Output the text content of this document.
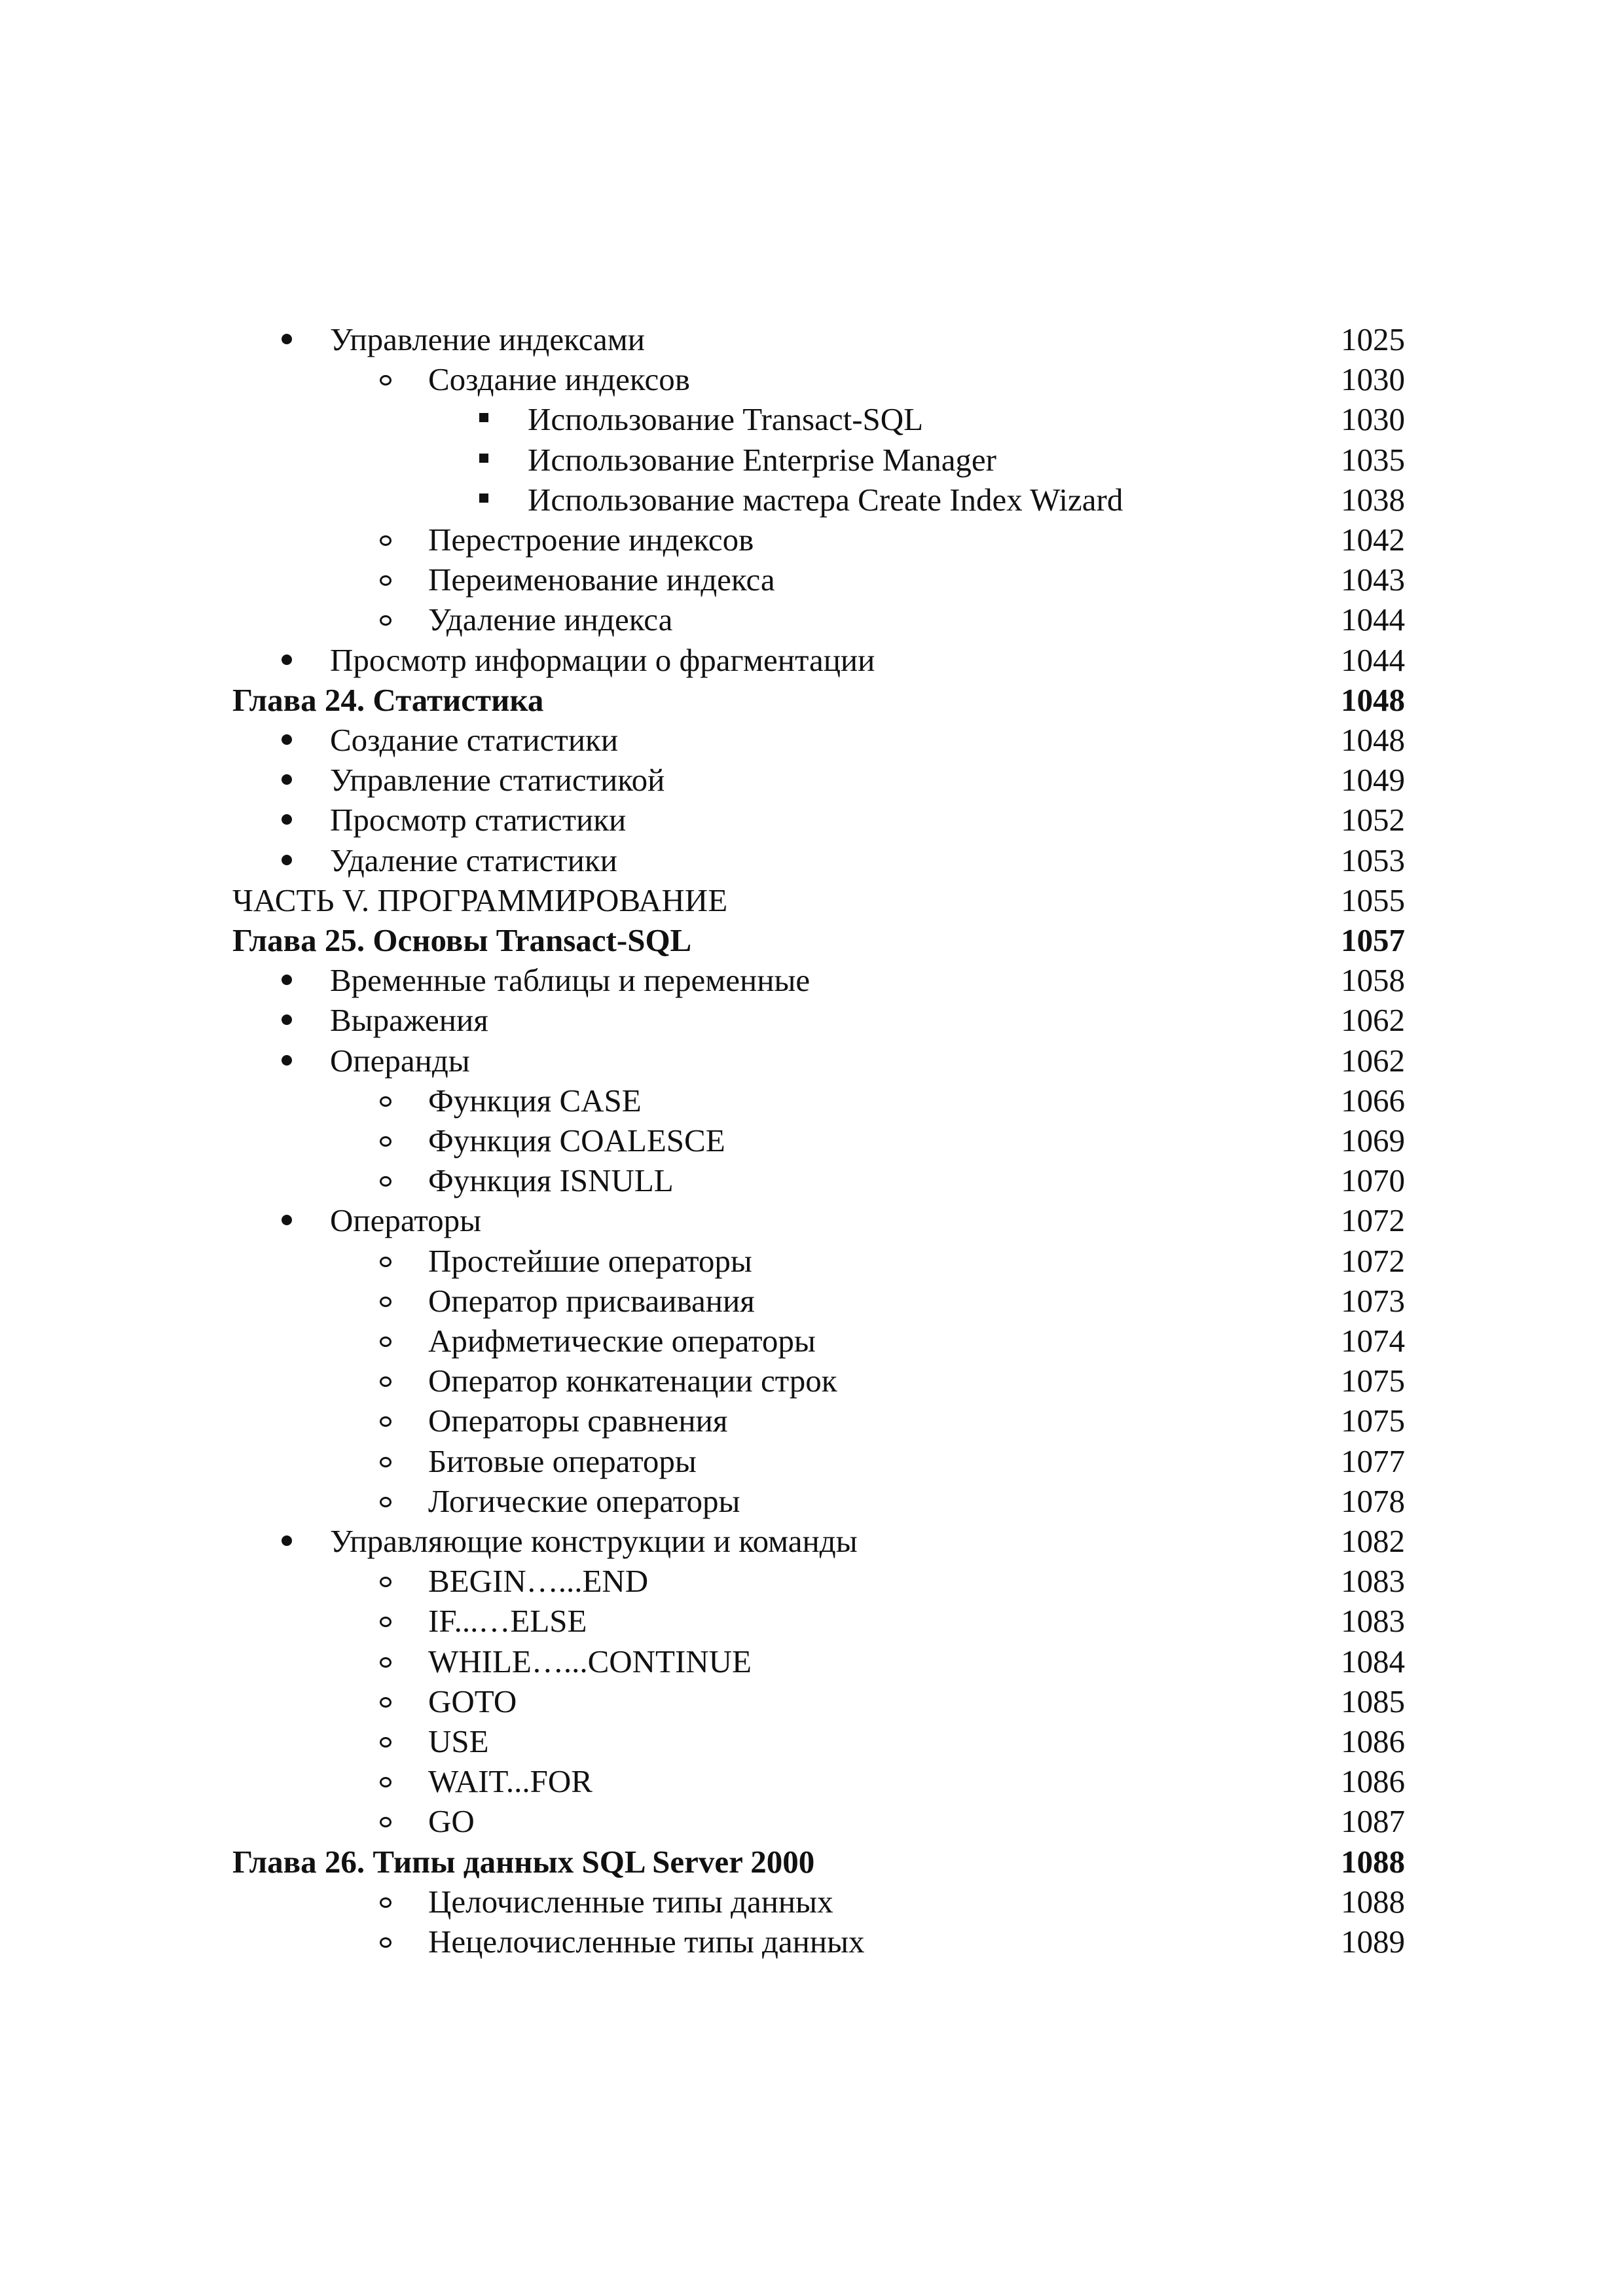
Управление индексами	1025
Создание индексов	1030
Использование Transact-SQL	1030
Использование Enterprise Manager	1035
Использование мастера Create Index Wizard	1038
Перестроение индексов	1042
Переименование индекса	1043
Удаление индекса	1044
Просмотр информации о фрагментации	1044
Глава 24. Статистика	1048
Создание статистики	1048
Управление статистикой	1049
Просмотр статистики	1052
Удаление статистики	1053
ЧАСТЬ V. ПРОГРАММИРОВАНИЕ	1055
Глава 25. Основы Transact-SQL	1057
Временные таблицы и переменные	1058
Выражения	1062
Операнды	1062
Функция CASE	1066
Функция COALESCE	1069
Функция ISNULL	1070
Операторы	1072
Простейшие операторы	1072
Оператор присваивания	1073
Арифметические операторы	1074
Оператор конкатенации строк	1075
Операторы сравнения	1075
Битовые операторы	1077
Логические операторы	1078
Управляющие конструкции и команды	1082
BEGIN…...END	1083
IF...…ELSE	1083
WHILE…...CONTINUE	1084
GOTO	1085
USE	1086
WAIT...FOR	1086
GO	1087
Глава 26. Типы данных SQL Server 2000	1088
Целочисленные типы данных	1088
Нецелочисленные типы данных	1089
